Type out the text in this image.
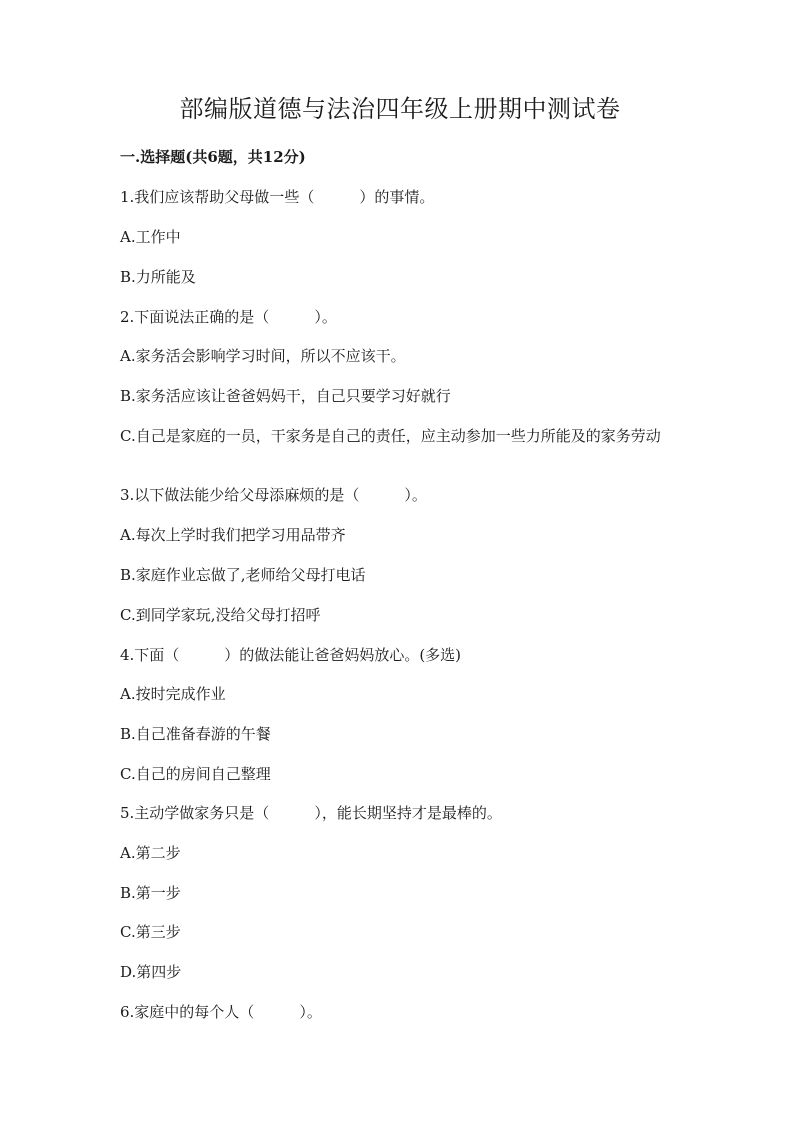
部编版道德与法治四年级上册期中测试卷
一.选择题(共6题，共12分)
1.我们应该帮助父母做一些（　　　）的事情。
A.工作中
B.力所能及
2.下面说法正确的是（　　　）。
A.家务活会影响学习时间，所以不应该干。
B.家务活应该让爸爸妈妈干，自己只要学习好就行
C.自己是家庭的一员，干家务是自己的责任，应主动参加一些力所能及的家务劳动
3.以下做法能少给父母添麻烦的是（　　　）。
A.每次上学时我们把学习用品带齐
B.家庭作业忘做了,老师给父母打电话
C.到同学家玩,没给父母打招呼
4.下面（　　　）的做法能让爸爸妈妈放心。(多选)
A.按时完成作业
B.自己准备春游的午餐
C.自己的房间自己整理
5.主动学做家务只是（　　　），能长期坚持才是最棒的。
A.第二步
B.第一步
C.第三步
D.第四步
6.家庭中的每个人（　　　）。
